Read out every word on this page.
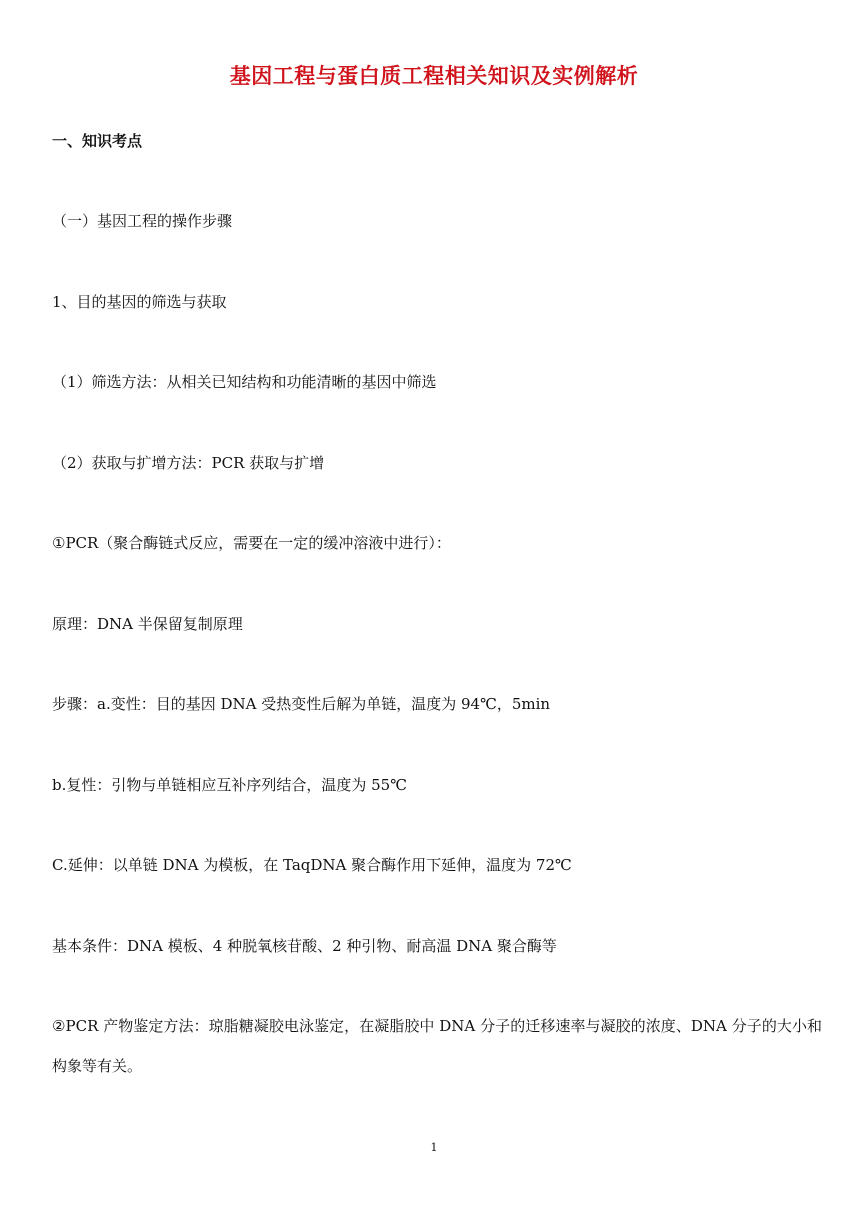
基因工程与蛋白质工程相关知识及实例解析
一、知识考点
（一）基因工程的操作步骤
1、目的基因的筛选与获取
（1）筛选方法：从相关已知结构和功能清晰的基因中筛选
（2）获取与扩增方法：PCR 获取与扩增
①PCR（聚合酶链式反应，需要在一定的缓冲溶液中进行）：
原理：DNA 半保留复制原理
步骤：a.变性：目的基因 DNA 受热变性后解为单链，温度为 94℃，5min
b.复性：引物与单链相应互补序列结合，温度为 55℃
C.延伸：以单链 DNA 为模板，在 TaqDNA 聚合酶作用下延伸，温度为 72℃
基本条件：DNA 模板、4 种脱氧核苷酸、2 种引物、耐高温 DNA 聚合酶等
②PCR 产物鉴定方法：琼脂糖凝胶电泳鉴定，在凝脂胶中 DNA 分子的迁移速率与凝胶的浓度、DNA 分子的大小和构象等有关。
1
